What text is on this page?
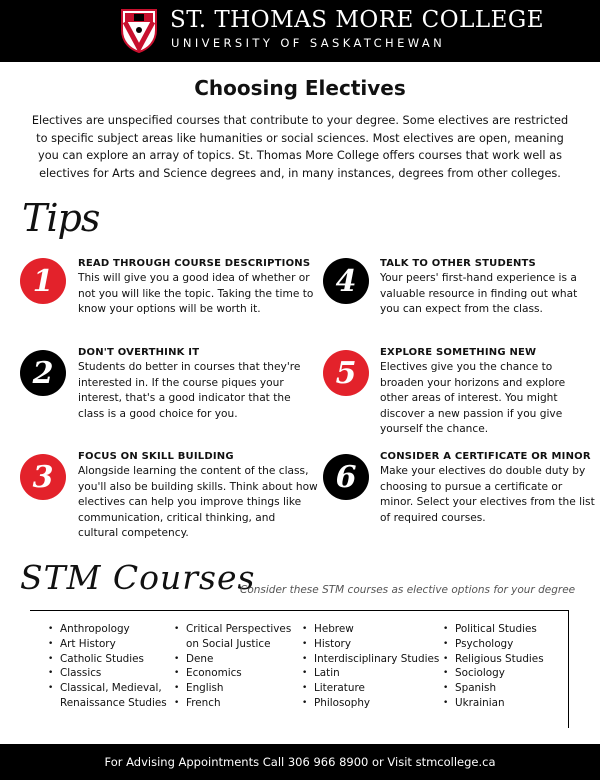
ST. THOMAS MORE COLLEGE
UNIVERSITY OF SASKATCHEWAN
Choosing Electives

Electives are unspecified courses that contribute to your degree. Some electives are restricted to specific subject areas like humanities or social sciences. Most electives are open, meaning you can explore an array of topics. St. Thomas More College offers courses that work well as electives for Arts and Science degrees and, in many instances, degrees from other colleges.

Tips
1	READ THROUGH COURSE DESCRIPTIONS
This will give you a good idea of whether or not you will like the topic. Taking the time to know your options will be worth it.
2
DON'T OVERTHINK IT
Students do better in courses that they're interested in. If the course piques your interest, that's a good indicator that the class is a good choice for you.
3
FOCUS ON SKILL BUILDING
Alongside learning the content of the class, you'll also be building skills. Think about how electives can help you improve things like communication, critical thinking, and cultural competency.
4	TALK TO OTHER STUDENTS
Your peers' first-hand experience is a valuable resource in finding out what you can expect from the class.
5
EXPLORE SOMETHING NEW
Electives give you the chance to broaden your horizons and explore other areas of interest. You might discover a new passion if you give yourself the chance.
6
CONSIDER A CERTIFICATE OR MINOR
Make your electives do double duty by choosing to pursue a certificate or minor. Select your electives from the list of required courses.
STM Courses
Consider these STM courses as elective options for your degree
• Anthropology
• Art History
• Catholic Studies
• Classics
• Classical, Medieval,
Renaissance Studies
• Critical Perspectives
on Social Justice
• Dene
• Economics
• English
• French
• Hebrew
• History
• Interdisciplinary Studies
• Latin
• Literature
• Philosophy
• Political Studies
• Psychology
• Religious Studies
• Sociology
• Spanish
• Ukrainian
For Advising Appointments Call 306 966 8900 or Visit stmcollege.ca
